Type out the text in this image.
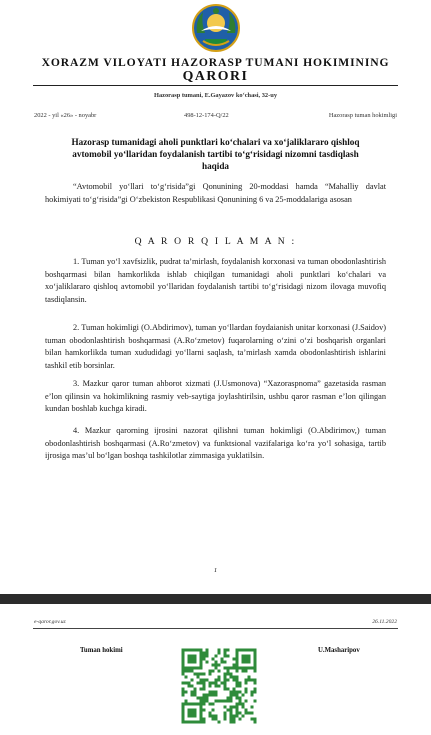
XORAZM VILOYATI HAZORASP TUMANI HOKIMINING
QARORI
Hazorasp tumani, E.Gayazov ko‘chasi, 32-uy
2022 - yil «26» - noyabr	498-12-174-Q/22	Hazorasp tuman hokimligi
Hazorasp tumanidagi aholi punktlari ko‘chalari va xo‘jaliklararo qishloq avtomobil yo‘llaridan foydalanish tartibi to‘g‘risidagi nizomni tasdiqlash haqida
“Avtomobil yo‘llari to‘g‘risida”gi Qonunining 20-moddasi hamda “Mahalliy davlat hokimiyati to‘g‘risida”gi O‘zbekiston Respublikasi Qonunining 6 va 25-moddalariga asosan
Q A R O R Q I L A M A N :
1. Tuman yo‘l xavfsizlik, pudrat ta’mirlash, foydalanish korxonasi va tuman obodonlashtirish boshqarmasi bilan hamkorlikda ishlab chiqilgan tumanidagi aholi punktlari ko‘chalari va xo‘jaliklararo qishloq avtomobil yo‘llaridan foydalanish tartibi to‘g‘risidagi nizom ilovaga muvofiq tasdiqlansin.
2. Tuman hokimligi (O.Abdirimov), tuman yo‘llardan foydaianish unitar korxonasi (J.Saidov) tuman obodonlashtirish boshqarmasi (A.Ro‘zmetov) fuqarolarning o‘zini o‘zi boshqarish organlari bilan hamkorlikda tuman xududidagi yo‘llarni saqlash, ta’mirlash xamda obodonlashtirish ishlarini tashkil etib borsinlar.
3. Mazkur qaror tuman ahborot xizmati (J.Usmonova) “Xazoraspnoma” gazetasida rasman e’lon qilinsin va hokimlikning rasmiy veb-saytiga joylashtirilsin, ushbu qaror rasman e’lon qilingan kundan boshlab kuchga kiradi.
4. Mazkur qarorning ijrosini nazorat qilishni tuman hokimligi (O.Abdirimov,) tuman obodonlashtirish boshqarmasi (A.Ro‘zmetov) va funktsional vazifalariga ko‘ra yo‘l sohasiga, tartib ijrosiga mas’ul bo‘lgan boshqa tashkilotlar zimmasiga yuklatilsin.
1
e-qaror.gov.uz	26.11.2022
Tuman hokimi	U.Masharipov
